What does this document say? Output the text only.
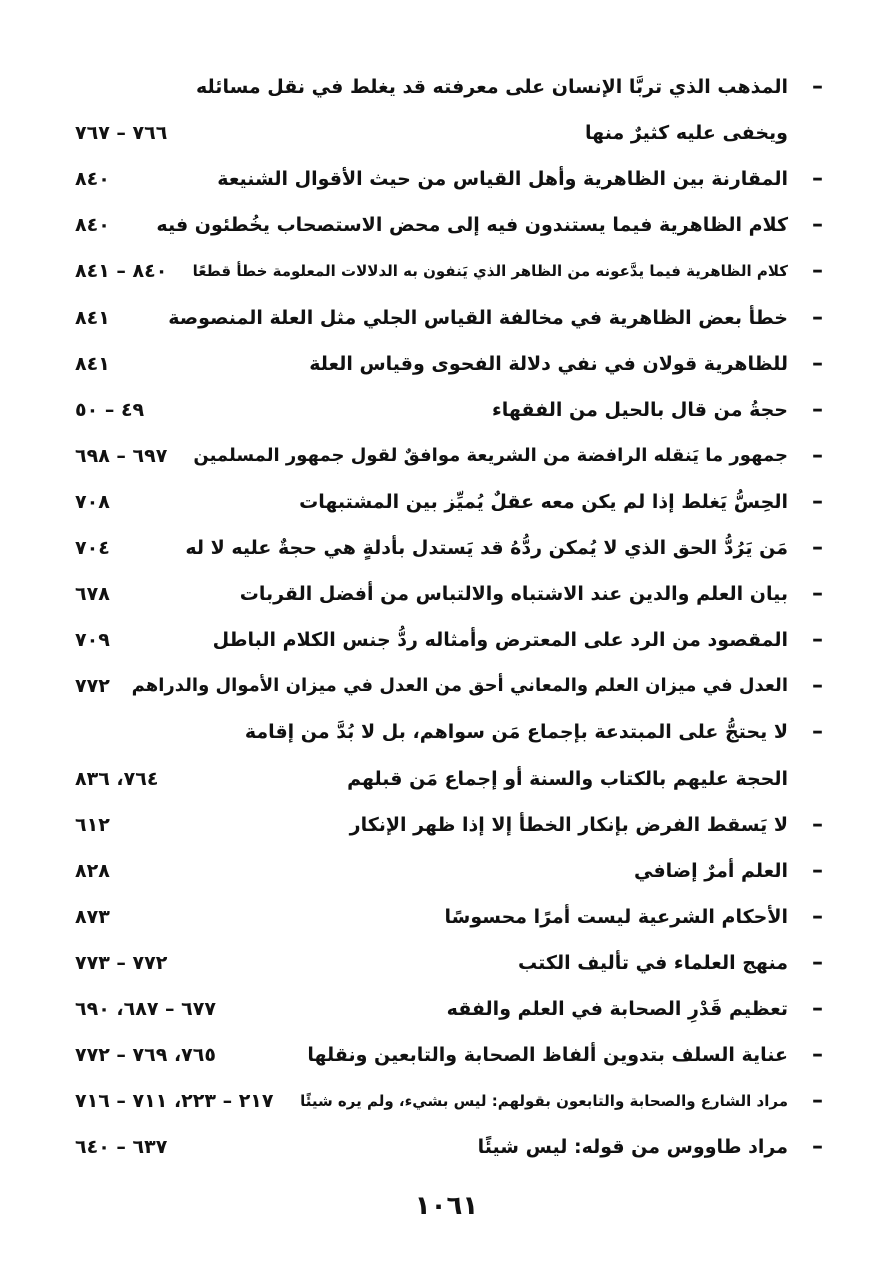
–
المذهب الذي تربَّا الإنسان على معرفته قد يغلط في نقل مسائله
ويخفى عليه كثيرٌ منها
٧٦٦ – ٧٦٧
–
المقارنة بين الظاهرية وأهل القياس من حيث الأقوال الشنيعة
٨٤٠
–
كلام الظاهرية فيما يستندون فيه إلى محض الاستصحاب يخُطئون فيه
٨٤٠
–
كلام الظاهرية فيما يدَّعونه من الظاهر الذي يَنفون به الدلالات المعلومة خطأ قطعًا
٨٤٠ – ٨٤١
–
خطأ بعض الظاهرية في مخالفة القياس الجلي مثل العلة المنصوصة
٨٤١
–
للظاهرية قولان في نفي دلالة الفحوى وقياس العلة
٨٤١
–
حجةُ من قال بالحيل من الفقهاء
٤٩ – ٥٠
–
جمهور ما يَنقله الرافضة من الشريعة موافقٌ لقول جمهور المسلمين
٦٩٧ – ٦٩٨
–
الحِسُّ يَغلط إذا لم يكن معه عقلٌ يُميِّز بين المشتبهات
٧٠٨
–
مَن يَرُدُّ الحق الذي لا يُمكن ردُّهُ قد يَستدل بأدلةٍ هي حجةٌ عليه لا له
٧٠٤
–
بيان العلم والدين عند الاشتباه والالتباس من أفضل القربات
٦٧٨
–
المقصود من الرد على المعترض وأمثاله ردُّ جنس الكلام الباطل
٧٠٩
–
العدل في ميزان العلم والمعاني أحق من العدل في ميزان الأموال والدراهم
٧٧٢
–
لا يحتجُّ على المبتدعة بإجماع مَن سواهم، بل لا بُدَّ من إقامة
الحجة عليهم بالكتاب والسنة أو إجماع مَن قبلهم
٧٦٤، ٨٣٦
–
لا يَسقط الفرض بإنكار الخطأ إلا إذا ظهر الإنكار
٦١٢
–
العلم أمرٌ إضافي
٨٢٨
–
الأحكام الشرعية ليست أمرًا محسوسًا
٨٧٣
–
منهج العلماء في تأليف الكتب
٧٧٢ – ٧٧٣
–
تعظيم قَدْرِ الصحابة في العلم والفقه
٦٧٧ – ٦٨٧، ٦٩٠
–
عناية السلف بتدوين ألفاظ الصحابة والتابعين ونقلها
٧٦٥، ٧٦٩ – ٧٧٢
–
مراد الشارع والصحابة والتابعون بقولهم: ليس بشيء، ولم يره شيئًا
٢١٧ – ٢٢٣، ٧١١ – ٧١٦
–
مراد طاووس من قوله: ليس شيئًا
٦٣٧ – ٦٤٠
١٠٦١
